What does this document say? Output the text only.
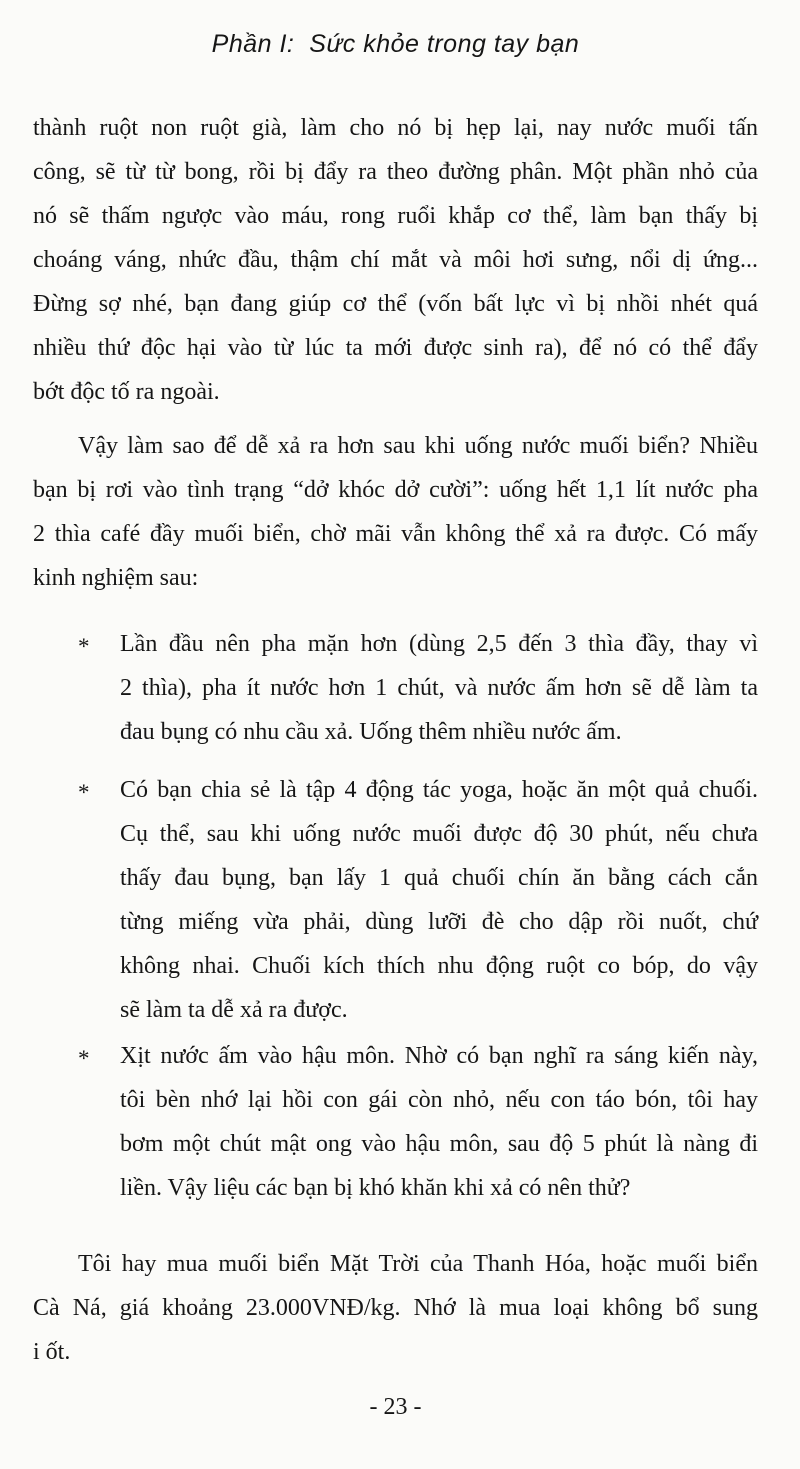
Phần I:  Sức khỏe trong tay bạn
thành ruột non ruột già, làm cho nó bị hẹp lại, nay nước muối tấn
công, sẽ từ từ bong, rồi bị đẩy ra theo đường phân. Một phần nhỏ của
nó sẽ thấm ngược vào máu, rong ruổi khắp cơ thể, làm bạn thấy bị
choáng váng, nhức đầu, thậm chí mắt và môi hơi sưng, nổi dị ứng...
Đừng sợ nhé, bạn đang giúp cơ thể (vốn bất lực vì bị nhồi nhét quá
nhiều thứ độc hại vào từ lúc ta mới được sinh ra), để nó có thể đẩy
bớt độc tố ra ngoài.
Vậy làm sao để dễ xả ra hơn sau khi uống nước muối biển? Nhiều
bạn bị rơi vào tình trạng “dở khóc dở cười”: uống hết 1,1 lít nước pha
2 thìa café đầy muối biển, chờ mãi vẫn không thể xả ra được. Có mấy
kinh nghiệm sau:
* Lần đầu nên pha mặn hơn (dùng 2,5 đến 3 thìa đầy, thay vì
2 thìa), pha ít nước hơn 1 chút, và nước ấm hơn sẽ dễ làm ta
đau bụng có nhu cầu xả. Uống thêm nhiều nước ấm.
* Có bạn chia sẻ là tập 4 động tác yoga, hoặc ăn một quả chuối.
Cụ thể, sau khi uống nước muối được độ 30 phút, nếu chưa
thấy đau bụng, bạn lấy 1 quả chuối chín ăn bằng cách cắn
từng miếng vừa phải, dùng lưỡi đè cho dập rồi nuốt, chứ
không nhai. Chuối kích thích nhu động ruột co bóp, do vậy
sẽ làm ta dễ xả ra được.
* Xịt nước ấm vào hậu môn. Nhờ có bạn nghĩ ra sáng kiến này,
tôi bèn nhớ lại hồi con gái còn nhỏ, nếu con táo bón, tôi hay
bơm một chút mật ong vào hậu môn, sau độ 5 phút là nàng đi
liền. Vậy liệu các bạn bị khó khăn khi xả có nên thử?
Tôi hay mua muối biển Mặt Trời của Thanh Hóa, hoặc muối biển
Cà Ná, giá khoảng 23.000VNĐ/kg. Nhớ là mua loại không bổ sung
i ốt.
- 23 -
